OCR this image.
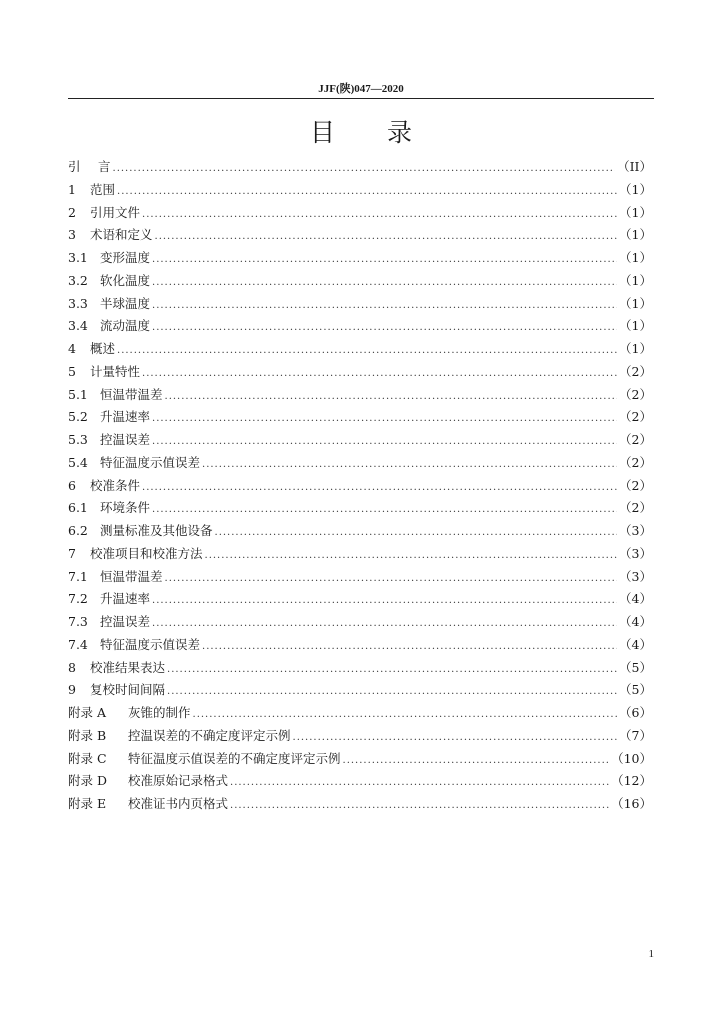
JJF(陕)047—2020
目录
引	言 .....	（II）
1	范围 .....	（1）
2	引用文件 .....	（1）
3	术语和定义 .....	（1）
3.1 变形温度 .....	（1）
3.2 软化温度 .....	（1）
3.3 半球温度 .....	（1）
3.4 流动温度 .....	（1）
4	概述 .....	（1）
5	计量特性 .....	（2）
5.1 恒温带温差 .....	（2）
5.2 升温速率 .....	（2）
5.3 控温误差 .....	（2）
5.4 特征温度示值误差 .....	（2）
6	校准条件 .....	（2）
6.1 环境条件 .....	（2）
6.2 测量标准及其他设备 .....	（3）
7	校准项目和校准方法 .....	（3）
7.1 恒温带温差 .....	（3）
7.2 升温速率 .....	（4）
7.3 控温误差 .....	（4）
7.4 特征温度示值误差 .....	（4）
8	校准结果表达 .....	（5）
9	复校时间间隔 .....	（5）
附录 A	灰锥的制作 .....	（6）
附录 B	控温误差的不确定度评定示例 .....	（7）
附录 C	特征温度示值误差的不确定度评定示例 .....	（10）
附录 D	校准原始记录格式 .....	（12）
附录 E	校准证书内页格式 .....	（16）
1
